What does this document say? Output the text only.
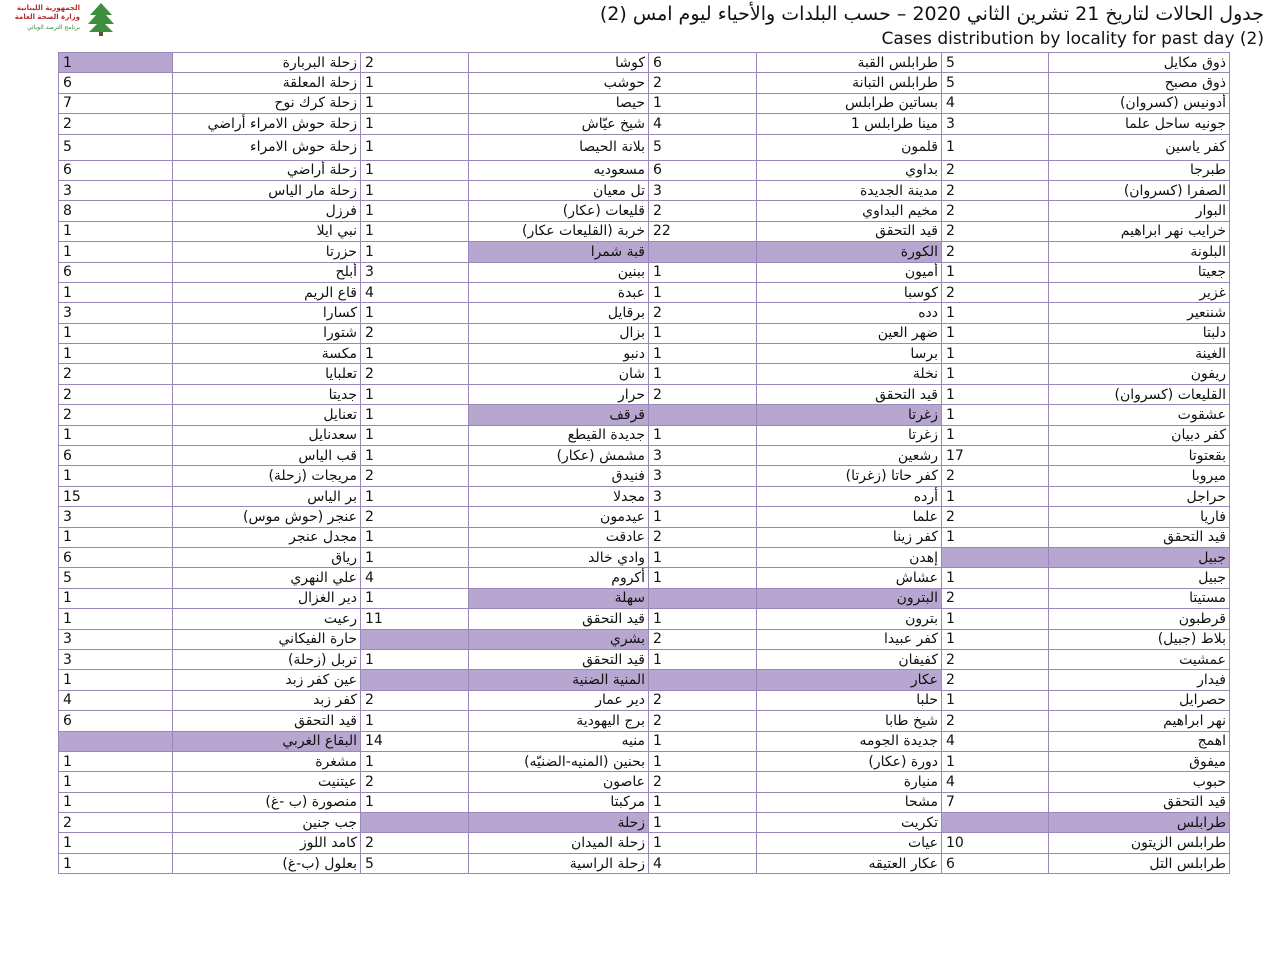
الجمهورية اللبنانية
وزارة الصحة العامة
برنامج الترصد الوبائي
جدول الحالات لتاريخ 21 تشرين الثاني 2020 – حسب البلدات والأحياء ليوم امس (2)
Cases distribution by locality for past day (2)
ذوق مكايل	5	طرابلس القبة	6	كوشا	2	زحلة البربارة	1
ذوق مصبح	5	طرابلس التبانة	2	حوشب	1	زحلة المعلقة	6
أدونيس (كسروان)	4	بساتين طرابلس	1	حيصا	1	زحلة كرك نوح	7
جونيه ساحل علما	3	مينا طرابلس 1	4	شيخ عيّاش	1	زحلة حوش الامراء أراضي	2
كفر ياسين	1	قلمون	5	بلانة الحيصا	1	زحلة حوش الامراء	5
طبرجا	2	بداوي	6	مسعوديه	1	زحلة أراضي	6
الصفرا (كسروان)	2	مدينة الجديدة	3	تل معيان	1	زحلة مار الياس	3
البوار	2	مخيم البداوي	2	قليعات (عكار)	1	فرزل	8
خرايب نهر ابراهيم	2	قيد التحقق	22	خربة (القليعات عكار)	1	نبي ايلا	1
البلونة	2	الكورة		قبة شمرا	1	حزرتا	1
جعيتا	1	أميون	1	ببنين	3	أبلح	6
غزير	2	كوسبا	1	عبدة	4	قاع الريم	1
شننعير	1	دده	2	برقايل	1	كسارا	3
دلبتا	1	ضهر العين	1	بزال	2	شتورا	1
الغينة	1	برسا	1	دنبو	1	مكسة	1
ريفون	1	نخلة	1	شان	2	تعلبايا	2
القليعات (كسروان)	1	قيد التحقق	2	حرار	1	جديتا	2
عشقوت	1	زغرتا		قرقف	1	تعنايل	2
كفر دبيان	1	زغرتا	1	جديدة القيطع	1	سعدنايل	1
بقعتوتا	17	رشعين	3	مشمش (عكار)	1	قب الياس	6
ميروبا	2	كفر حاتا (زغرتا)	3	فنيدق	2	مريجات (زحلة)	1
حراجل	1	أرده	3	مجدلا	1	بر الياس	15
فاريا	2	علما	1	عيدمون	2	عنجر (حوش موس)	3
قيد التحقق	1	كفر زينا	2	عادقت	1	مجدل عنجر	1
جبيل		إهدن	1	وادي خالد	1	رياق	6
جبيل	1	عشاش	1	أكروم	4	علي النهري	5
مستيتا	2	البترون		سهلة	1	دير الغزال	1
قرطبون	1	بترون	1	قيد التحقق	11	رعيت	1
بلاط (جبيل)	1	كفر عبيدا	2	بشري		حارة الفيكاني	3
عمشيت	2	كفيفان	1	قيد التحقق	1	تربل (زحلة)	3
فيدار	2	عكار		المنية الضنية		عين كفر زبد	1
حصرايل	1	حلبا	2	دير عمار	2	كفر زبد	4
نهر ابراهيم	2	شيخ طابا	2	برج اليهودية	1	قيد التحقق	6
اهمج	4	جديدة الجومه	1	منيه	14	البقاع الغربي	
ميفوق	1	دورة (عكار)	1	بحنين (المنيه-الضنيّه)	1	مشغرة	1
حبوب	4	منيارة	2	عاصون	2	عيتنيت	1
قيد التحقق	7	مشحا	1	مركبتا	1	منصورة (ب -غ)	1
طرابلس		تكريت	1	زحلة		جب جنين	2
طرابلس الزيتون	10	عيات	1	زحلة الميدان	2	كامد اللوز	1
طرابلس التل	6	عكار العتيقه	4	زحلة الراسية	5	بعلول (ب-غ)	1
